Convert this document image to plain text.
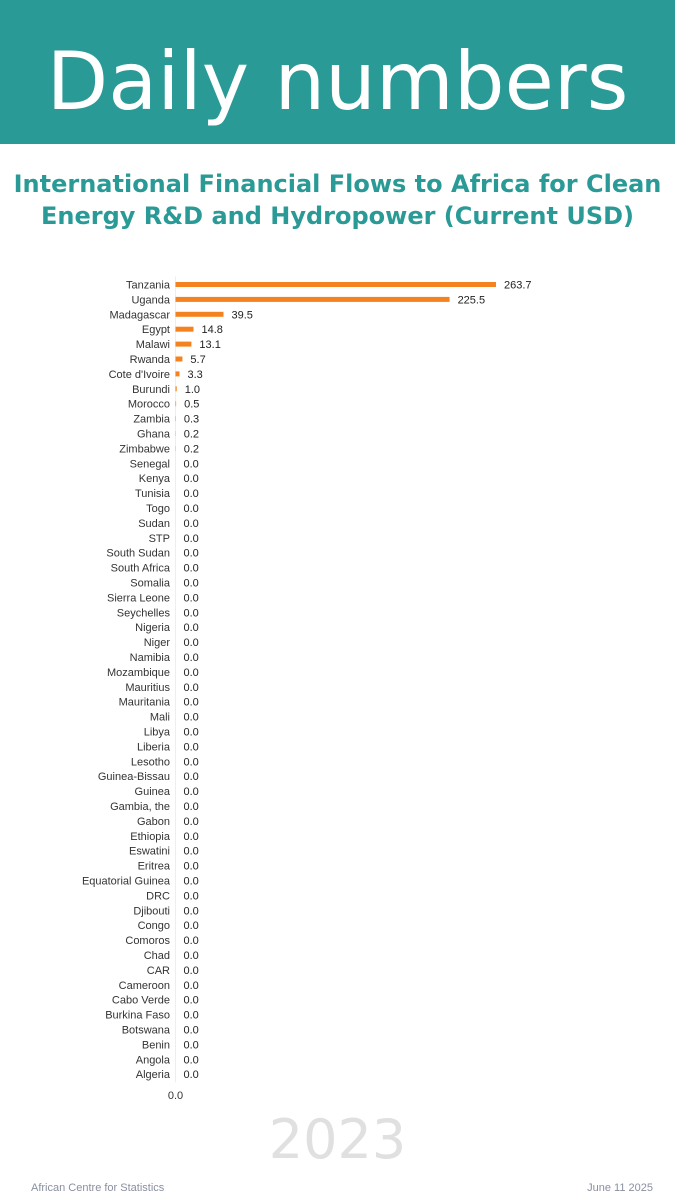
Daily numbers
International Financial Flows to Africa for Clean Energy R&D and Hydropower (Current USD)
Tanzania	263.7
Uganda	225.5
Madagascar	39.5
Egypt	14.8
Malawi	13.1
Rwanda 5.7
Cote d'Ivoire 3.3
Burundi 1.0
Morocco 0.5
Zambia 0.3
Ghana 0.2
Zimbabwe 0.2
Senegal 0.0
Kenya 0.0
Tunisia 0.0
Togo 0.0
Sudan 0.0
STP 0.0
South Sudan 0.0
South Africa 0.0
Somalia 0.0
Sierra Leone 0.0
Seychelles 0.0
Nigeria 0.0
Niger 0.0
Namibia 0.0
Mozambique 0.0
Mauritius 0.0
Mauritania 0.0
Mali 0.0
Libya 0.0
Liberia 0.0
Lesotho 0.0
Guinea-Bissau 0.0
Guinea 0.0
Gambia, the 0.0
Gabon 0.0
Ethiopia 0.0
Eswatini 0.0
Eritrea 0.0
Equatorial Guinea 0.0
DRC 0.0
Djibouti 0.0
Congo 0.0
Comoros 0.0
Chad 0.0
CAR 0.0
Cameroon 0.0
Cabo Verde 0.0
Burkina Faso 0.0
Botswana 0.0
Benin 0.0
Angola 0.0
Algeria 0.0
0.0
2023
African Centre for Statistics	June 11 2025
